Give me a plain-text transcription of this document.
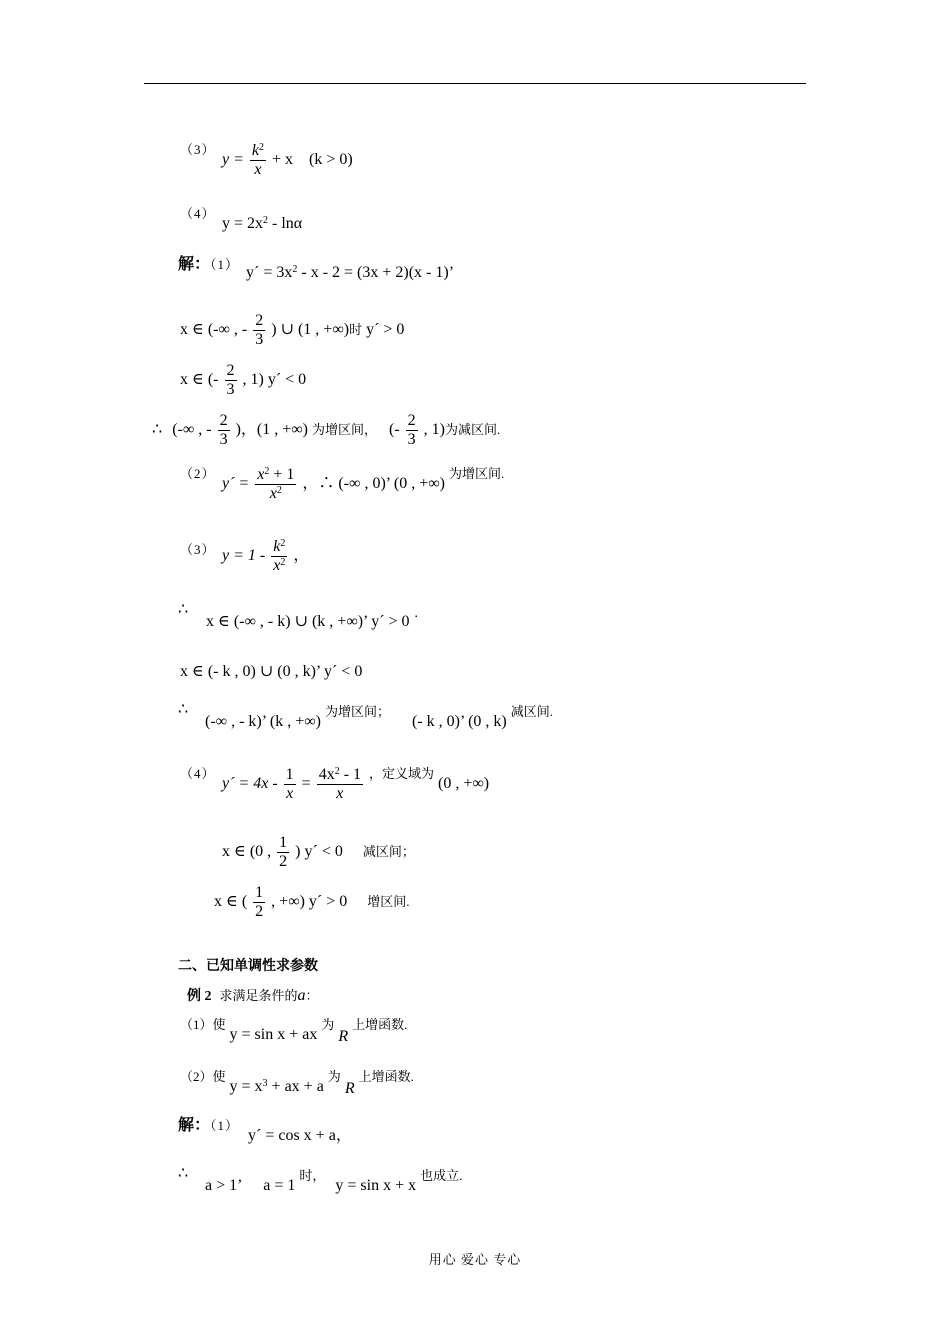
（3）
$y = \frac{k^2}{x} + x$ (k > 0)
（4）
$y = 2x^2 - \ln\alpha$
解：（1） y´ = $3x^2 - x - 2 = (3x + 2)(x - 1)$’
x ∈ (-∞ , - $\frac{2}{3}$ ) ∪ (1 , +∞)时 y´ > 0
x ∈ (- $\frac{2}{3}$ , 1) y´ < 0
∴ (-∞ , - $\frac{2}{3}$ )，(1 , +∞) 为增区间， (- $\frac{2}{3}$ , 1)为减区间.
（2）
y´ = $\frac{x^2 + 1}{x^2}$ ，∴ (-∞ , 0)’ (0 , +∞) $^{为增区间.}$
（3） $y = 1 - \frac{k^2}{x^2}$ ，
∴
x ∈ (-∞ , - k) ∪ (k , +∞)’ y´ > 0 ˙
x ∈ (- k , 0) ∪ (0 , k)’ y´ < 0
∴
(-∞ , - k)’ (k , +∞) $^{为增区间;}$ (- k , 0)’ (0 , k) $^{减区间.}$
（4）
y´ = $4x - \frac{1}{x} = \frac{4x^2 - 1}{x} ^{,定义域为}$ (0 , +∞)
x ∈ (0 , $\frac{1}{2}$ ) y´ < 0 减区间；
x ∈ ( $\frac{1}{2}$ , +∞) y´ > 0 增区间.
二、已知单调性求参数
例 2 求满足条件的a：
（1）使 y = sin x + ax 为 R 上增函数.
（2）使 $y = x^3$ + ax + a 为 R 上增函数.
解：（1）
y´ = cos x + a，
∴
a > 1’ a = 1 $^{时,}$ y = sin x + x $^{也成立.}$
用心 爱心 专心
